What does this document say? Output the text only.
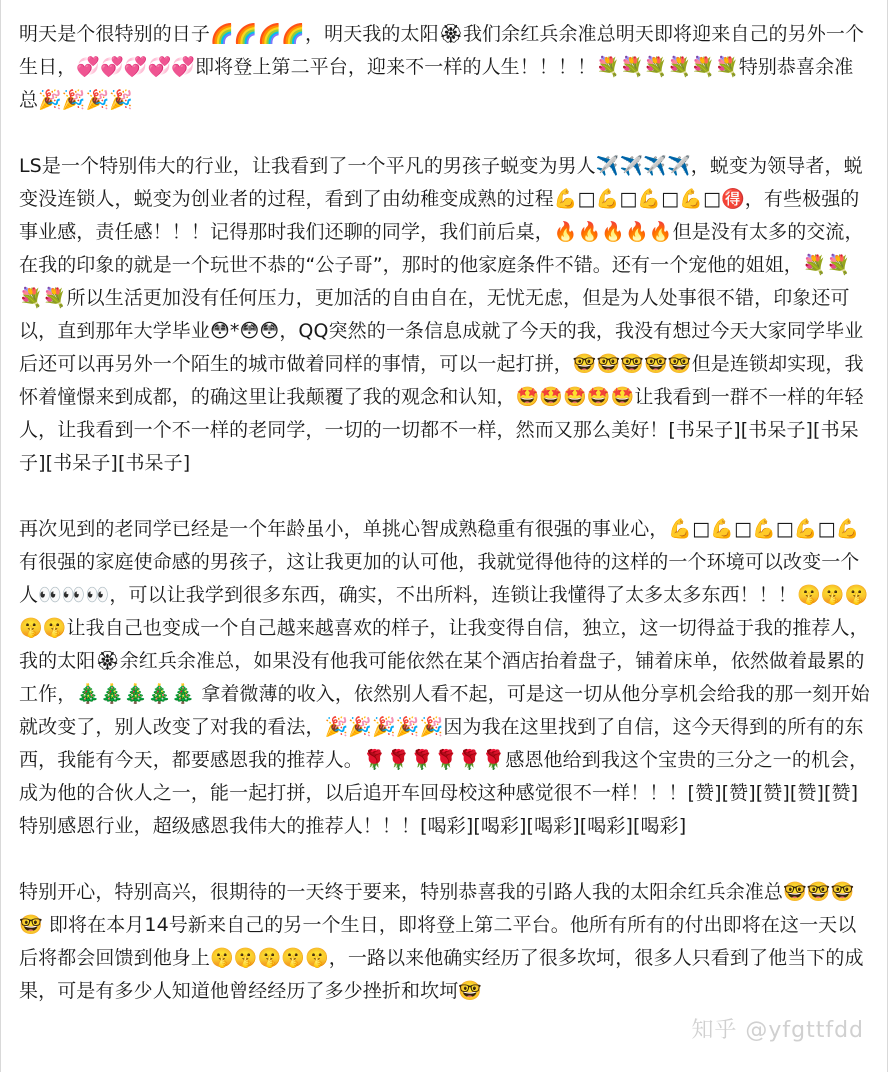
明天是个很特别的日子🌈🌈🌈🌈，明天我的太阳🏵我们余红兵余准总明天即将迎来自己的另外一个生日，💞💞💞💞💞即将登上第二平台，迎来不一样的人生！！！！💐💐💐💐💐💐特别恭喜余准总🎉🎉🎉🎉

LS是一个特别伟大的行业，让我看到了一个平凡的男孩子蜕变为男人✈️✈️✈️✈️，蜕变为领导者，蜕变没连锁人，蜕变为创业者的过程，看到了由幼稚变成熟的过程💪□💪□💪□💪□🉐，有些极强的事业感，责任感！！！记得那时我们还聊的同学，我们前后桌，🔥🔥🔥🔥🔥但是没有太多的交流，在我的印象的就是一个玩世不恭的“公子哥”，那时的他家庭条件不错。还有一个宠他的姐姐，💐💐💐💐所以生活更加没有任何压力，更加活的自由自在，无忧无虑，但是为人处事很不错，印象还可以，直到那年大学毕业😳*😳😳，QQ突然的一条信息成就了今天的我，我没有想过今天大家同学毕业后还可以再另外一个陌生的城市做着同样的事情，可以一起打拼，🤓🤓🤓🤓🤓但是连锁却实现，我怀着憧憬来到成都，的确这里让我颠覆了我的观念和认知，🤩🤩🤩🤩🤩让我看到一群不一样的年轻人，让我看到一个不一样的老同学，一切的一切都不一样，然而又那么美好！[书呆子][书呆子][书呆子][书呆子][书呆子]

再次见到的老同学已经是一个年龄虽小，单挑心智成熟稳重有很强的事业心，💪□💪□💪□💪□💪 有很强的家庭使命感的男孩子，这让我更加的认可他，我就觉得他待的这样的一个环境可以改变一个人👀👀👀，可以让我学到很多东西，确实，不出所料，连锁让我懂得了太多太多东西！！！🤫🤫🤫🤫🤫让我自己也变成一个自己越来越喜欢的样子，让我变得自信，独立，这一切得益于我的推荐人，我的太阳🏵余红兵余准总，如果没有他我可能依然在某个酒店抬着盘子，铺着床单，依然做着最累的工作，🎄🎄🎄🎄🎄 拿着微薄的收入，依然别人看不起，可是这一切从他分享机会给我的那一刻开始就改变了，别人改变了对我的看法，🎉🎉🎉🎉🎉因为我在这里找到了自信，这今天得到的所有的东西，我能有今天，都要感恩我的推荐人。🌹🌹🌹🌹🌹🌹感恩他给到我这个宝贵的三分之一的机会，成为他的合伙人之一，能一起打拼，以后追开车回母校这种感觉很不一样！！！[赞][赞][赞][赞][赞]
特别感恩行业，超级感恩我伟大的推荐人！！！[喝彩][喝彩][喝彩][喝彩][喝彩]

特别开心，特别高兴，很期待的一天终于要来，特别恭喜我的引路人我的太阳余红兵余准总🤓🤓🤓🤓 即将在本月14号新来自己的另一个生日，即将登上第二平台。他所有所有的付出即将在这一天以后将都会回馈到他身上🤫🤫🤫🤫🤫，一路以来他确实经历了很多坎坷，很多人只看到了他当下的成果，可是有多少人知道他曾经经历了多少挫折和坎坷🤓

知乎 @yfgttfdd
